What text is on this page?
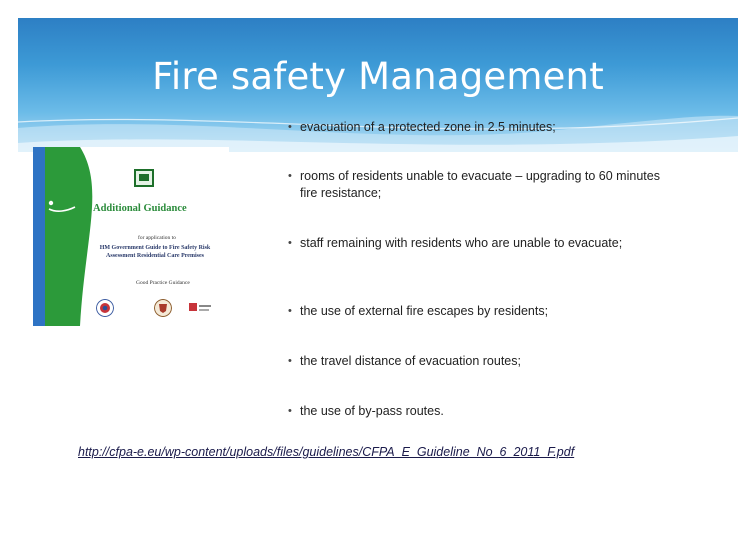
Fire safety Management
Additional Guidance
for application to
HM Government Guide to Fire Safety Risk Assessment Residential Care Premises
Good Practice Guidance
• evacuation of a protected zone in 2.5 minutes;
• rooms of residents unable to evacuate – upgrading to 60 minutes fire resistance;
• staff remaining with residents who are unable to evacuate;
• the use of external fire escapes by residents;
• the travel distance of evacuation routes;
• the use of by-pass routes.
http://cfpa-e.eu/wp-content/uploads/files/guidelines/CFPA_E_Guideline_No_6_2011_F.pdf
